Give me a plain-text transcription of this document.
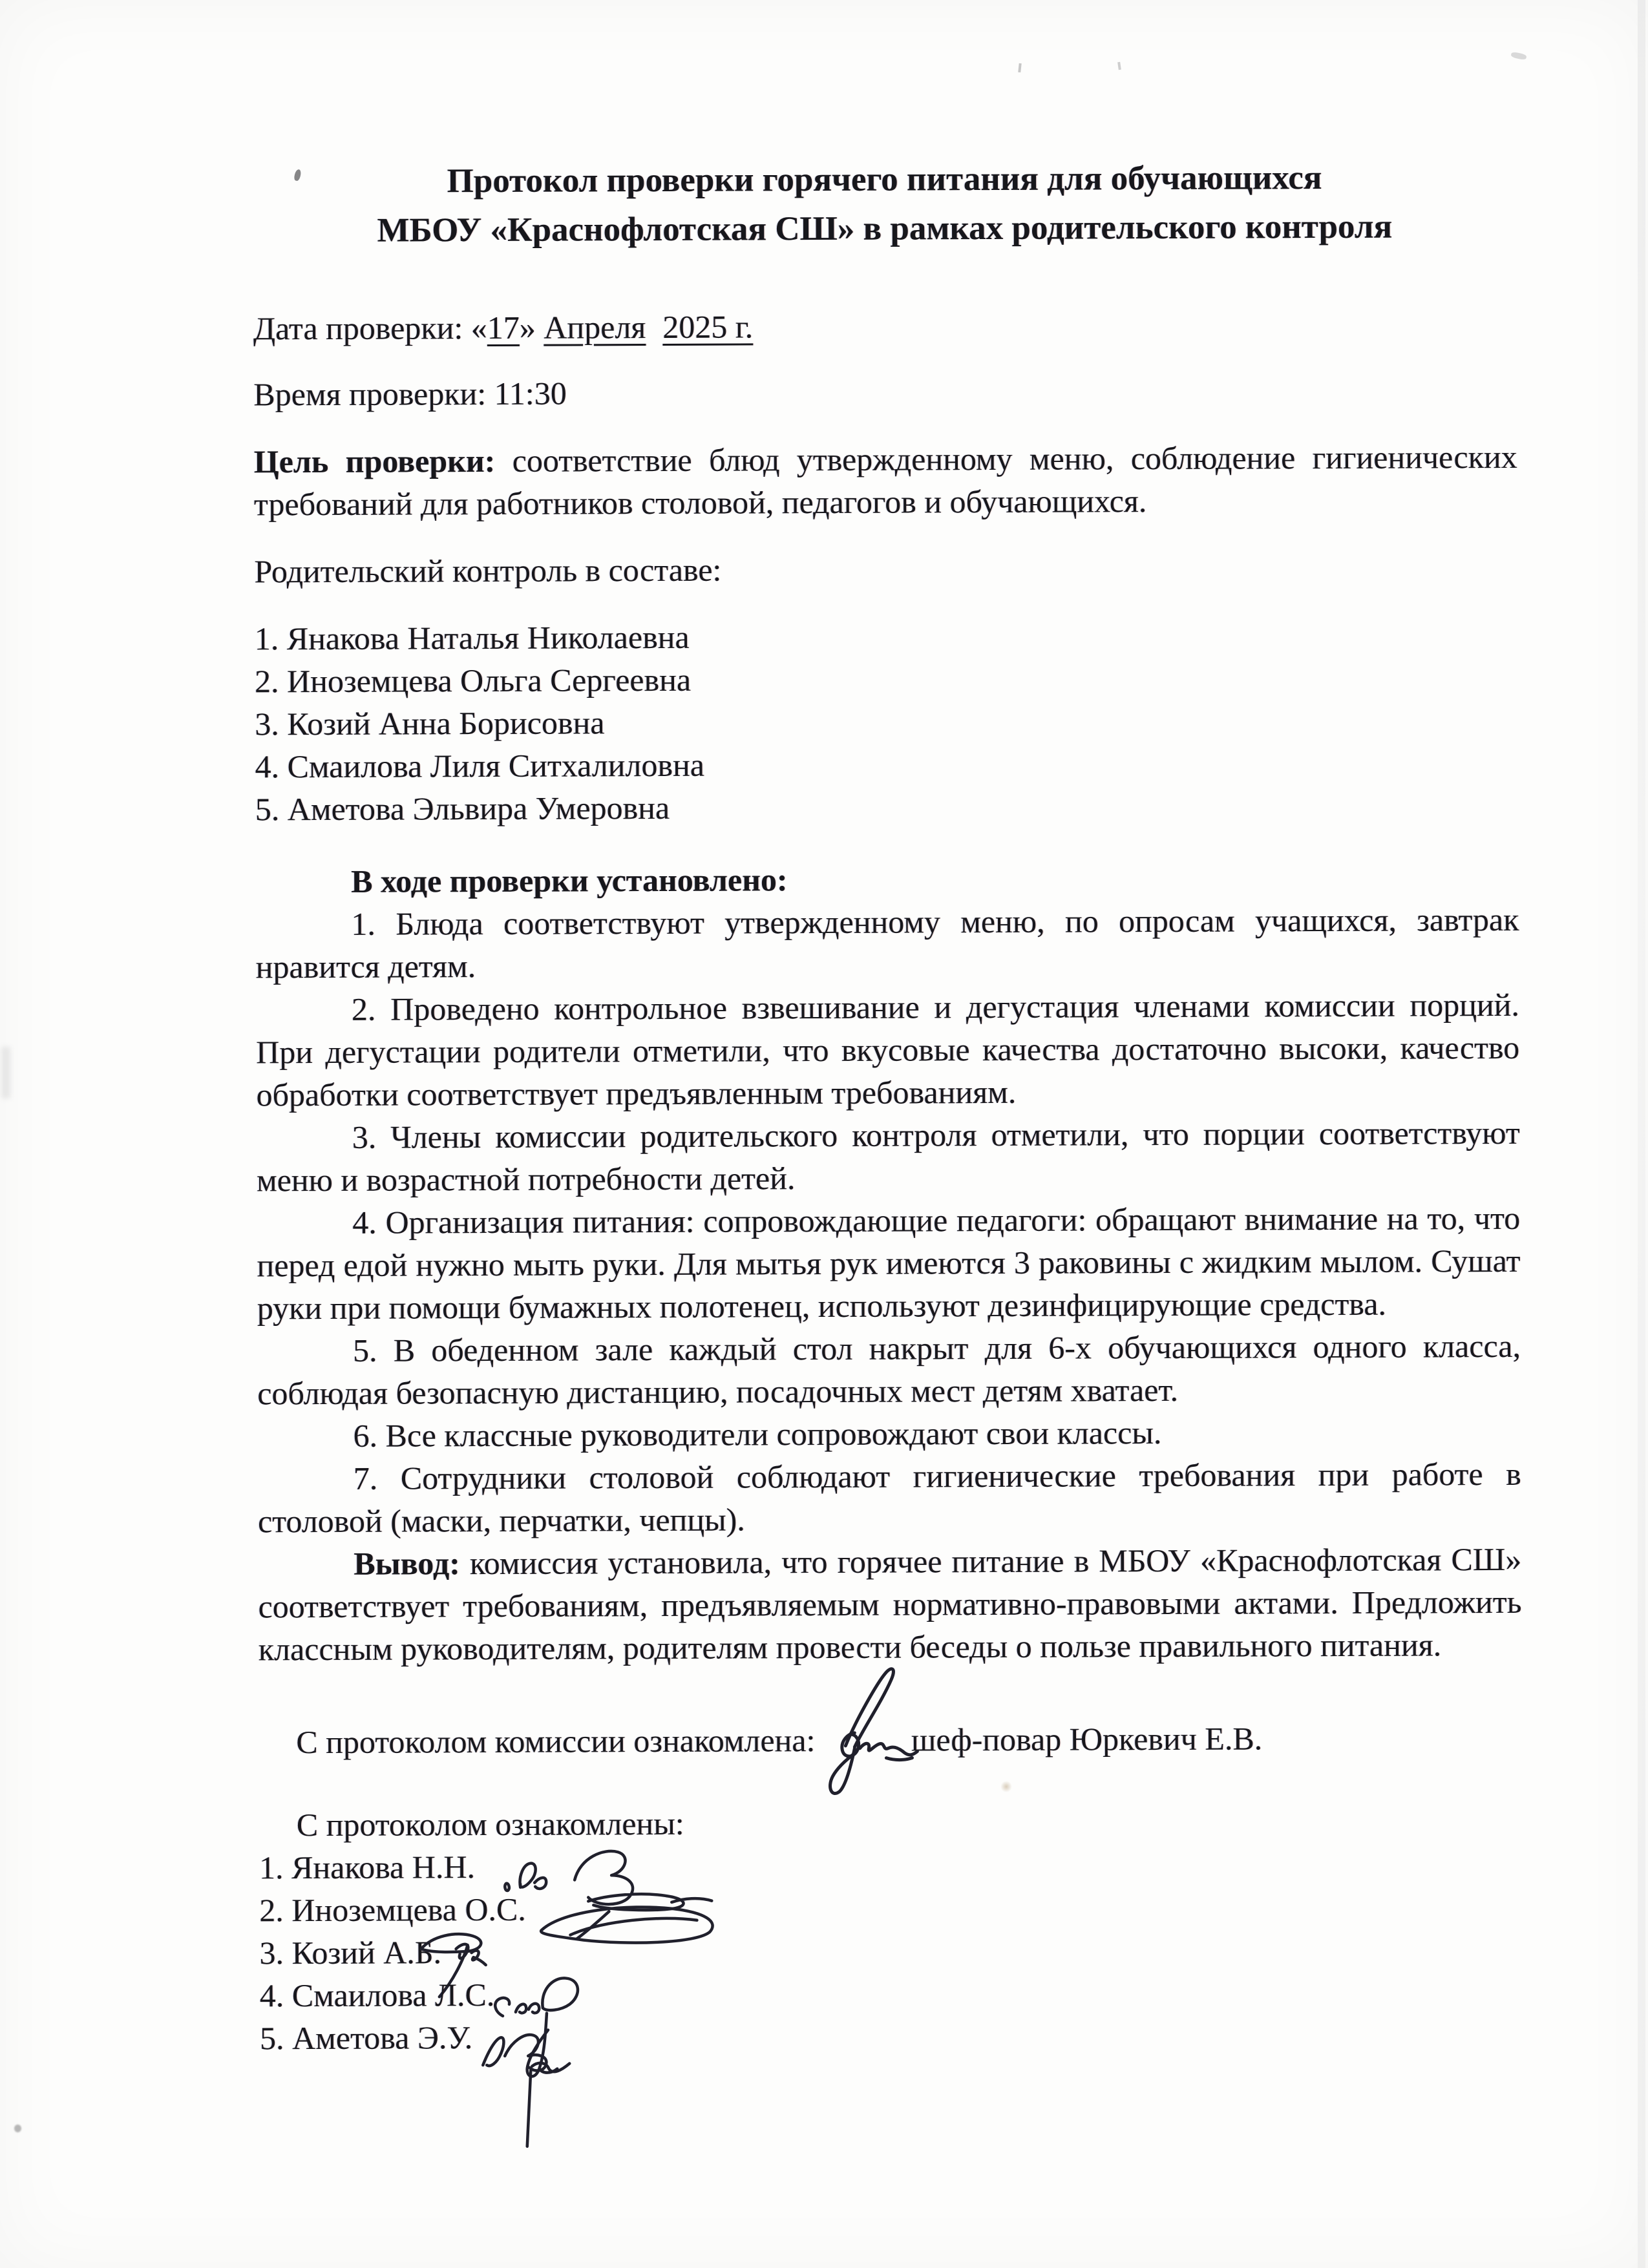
Протокол проверки горячего питания для обучающихся
МБОУ «Краснофлотская СШ» в рамках родительского контроля

Дата проверки: «17» Апреля 2025 г.

Время проверки: 11:30

Цель проверки: соответствие блюд утвержденному меню, соблюдение гигиенических требований для работников столовой, педагогов и обучающихся.

Родительский контроль в составе:

1. Янакова Наталья Николаевна

2. Иноземцева Ольга Сергеевна

3. Козий Анна Борисовна

4. Смаилова Лиля Ситхалиловна

5. Аметова Эльвира Умеровна

В ходе проверки установлено:

1. Блюда соответствуют утвержденному меню, по опросам учащихся, завтрак нравится детям.

2. Проведено контрольное взвешивание и дегустация членами комиссии порций. При дегустации родители отметили, что вкусовые качества достаточно высоки, качество обработки соответствует предъявленным требованиям.

3. Члены комиссии родительского контроля отметили, что порции соответствуют меню и возрастной потребности детей.

4. Организация питания: сопровождающие педагоги: обращают внимание на то, что перед едой нужно мыть руки. Для мытья рук имеются 3 раковины с жидким мылом. Сушат руки при помощи бумажных полотенец, используют дезинфицирующие средства.

5. В обеденном зале каждый стол накрыт для 6-х обучающихся одного класса, соблюдая безопасную дистанцию, посадочных мест детям хватает.

6. Все классные руководители сопровождают свои классы.

7. Сотрудники столовой соблюдают гигиенические требования при работе в столовой (маски, перчатки, чепцы).

Вывод: комиссия установила, что горячее питание в МБОУ «Краснофлотская СШ» соответствует требованиям, предъявляемым нормативно-правовыми актами. Предложить классным руководителям, родителям провести беседы о пользе правильного питания.

С протоколом комиссии ознакомлена:	шеф-повар Юркевич Е.В.

С протоколом ознакомлены:

1. Янакова Н.Н.
2. Иноземцева О.С.
3. Козий А.Б.
4. Смаилова Л.С.
5. Аметова Э.У.
